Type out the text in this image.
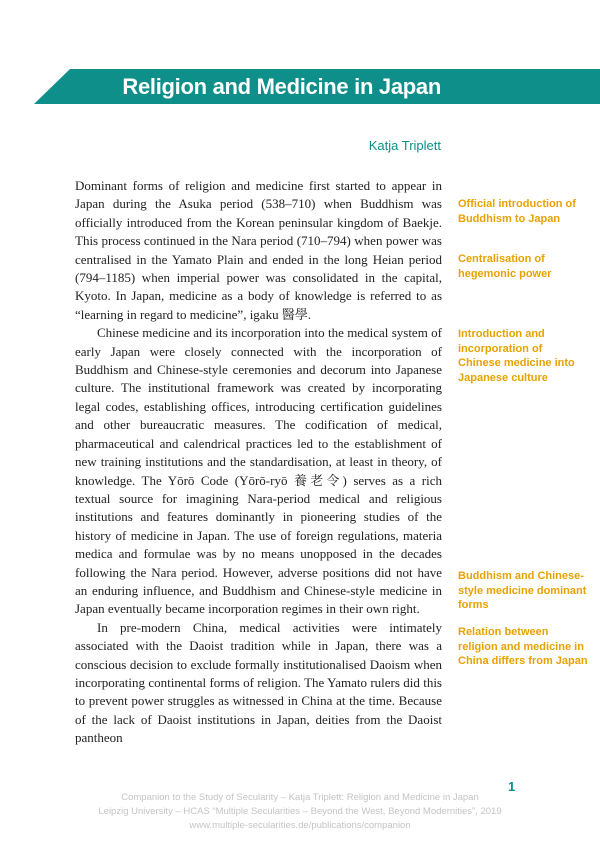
Religion and Medicine in Japan
Katja Triplett

Dominant forms of religion and medicine first started to appear in Japan during the Asuka period (538–710) when Buddhism was officially introduced from the Korean peninsular kingdom of Baekje. This process continued in the Nara period (710–794) when power was centralised in the Yamato Plain and ended in the long Heian period (794–1185) when imperial power was consolidated in the capital, Kyoto. In Japan, medicine as a body of knowledge is referred to as “learning in regard to medicine”, igaku 醫學.

Chinese medicine and its incorporation into the medical system of early Japan were closely connected with the incorporation of Buddhism and Chinese-style ceremonies and decorum into Japanese culture. The institutional framework was created by incorporating legal codes, establishing offices, introducing certification guidelines and other bureaucratic measures. The codification of medical, pharmaceutical and calendrical practices led to the establishment of new training institutions and the standardisation, at least in theory, of knowledge. The Yōrō Code (Yōrō-ryō 養老令) serves as a rich textual source for imagining Nara-period medical and religious institutions and features dominantly in pioneering studies of the history of medicine in Japan. The use of foreign regulations, materia medica and formulae was by no means unopposed in the decades following the Nara period. However, adverse positions did not have an enduring influence, and Buddhism and Chinese-style medicine in Japan eventually became incorporation regimes in their own right.

In pre-modern China, medical activities were intimately associated with the Daoist tradition while in Japan, there was a conscious decision to exclude formally institutionalised Daoism when incorporating continental forms of religion. The Yamato rulers did this to prevent power struggles as witnessed in China at the time. Because of the lack of Daoist institutions in Japan, deities from the Daoist pantheon

Official introduction of Buddhism to Japan
Centralisation of hegemonic power
Introduction and incorporation of Chinese medicine into Japanese culture
Buddhism and Chinese-style medicine dominant forms
Relation between religion and medicine in China differs from Japan
1
Companion to the Study of Secularity – Katja Triplett: Religion and Medicine in Japan
Leipzig University – HCAS “Multiple Secularities – Beyond the West, Beyond Modernities”, 2019
www.multiple-secularities.de/publications/companion
